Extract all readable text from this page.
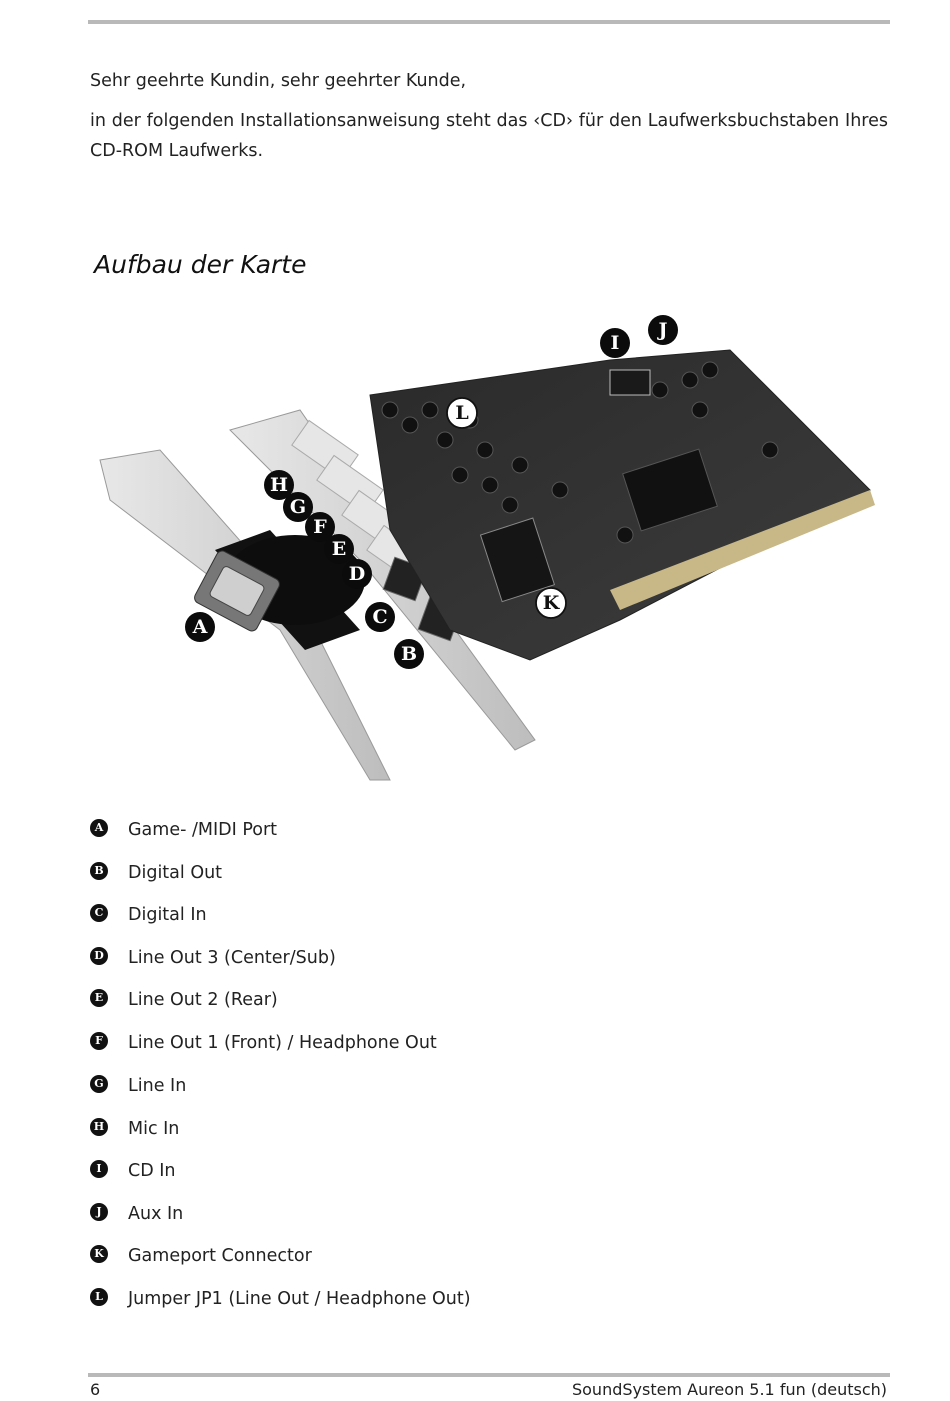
Sehr geehrte Kundin, sehr geehrter Kunde,

in der folgenden Installationsanweisung steht das ‹CD› für den Laufwerksbuchstaben Ihres CD-ROM Laufwerks.

Aufbau der Karte
A
B
C
D
E
F
G
H
I
J
K
L
A Game- /MIDI Port
B Digital Out
C Digital In
D Line Out 3 (Center/Sub)
E Line Out 2 (Rear)
F Line Out 1 (Front) / Headphone Out
G Line In
H Mic In
I	CD In
J	Aux In
K Gameport Connector
L Jumper JP1 (Line Out / Headphone Out)
6	SoundSystem Aureon 5.1 fun (deutsch)
